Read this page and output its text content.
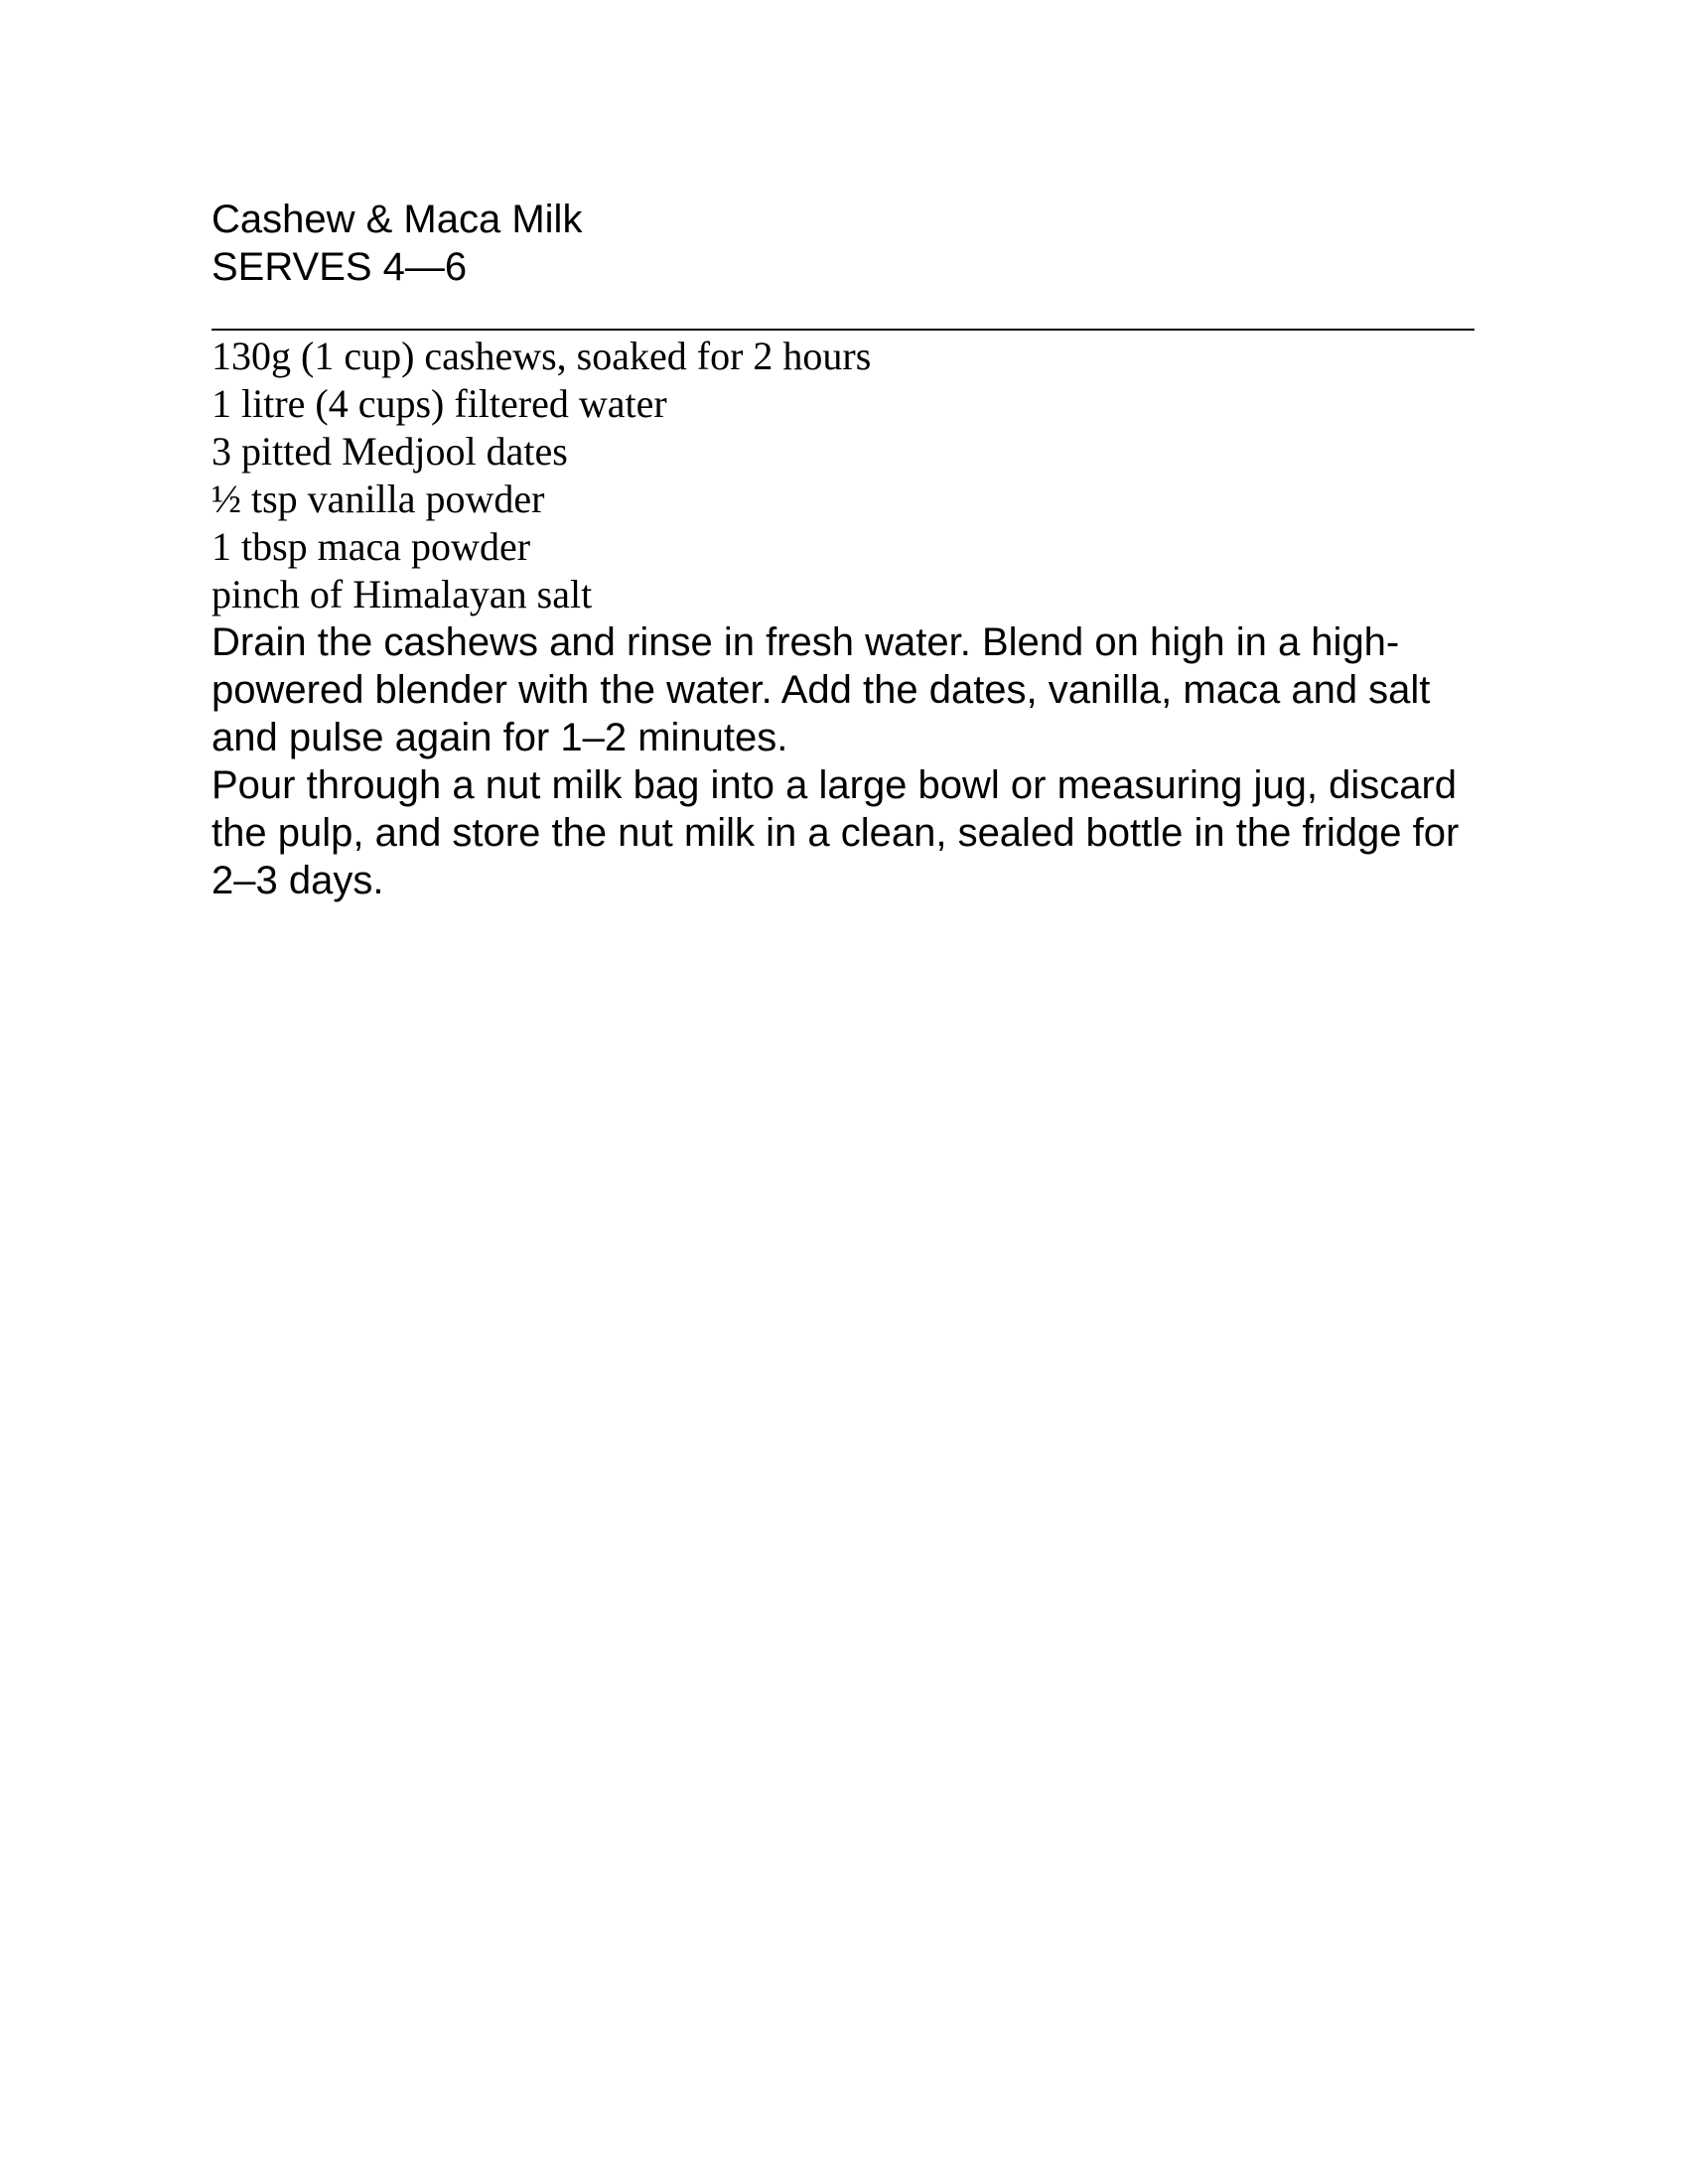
Cashew & Maca Milk
SERVES 4—6
130g (1 cup) cashews, soaked for 2 hours
1 litre (4 cups) filtered water
3 pitted Medjool dates
½ tsp vanilla powder
1 tbsp maca powder
pinch of Himalayan salt

Drain the cashews and rinse in fresh water. Blend on high in a high-powered blender with the water. Add the dates, vanilla, maca and salt and pulse again for 1–2 minutes.

Pour through a nut milk bag into a large bowl or measuring jug, discard the pulp, and store the nut milk in a clean, sealed bottle in the fridge for 2–3 days.
